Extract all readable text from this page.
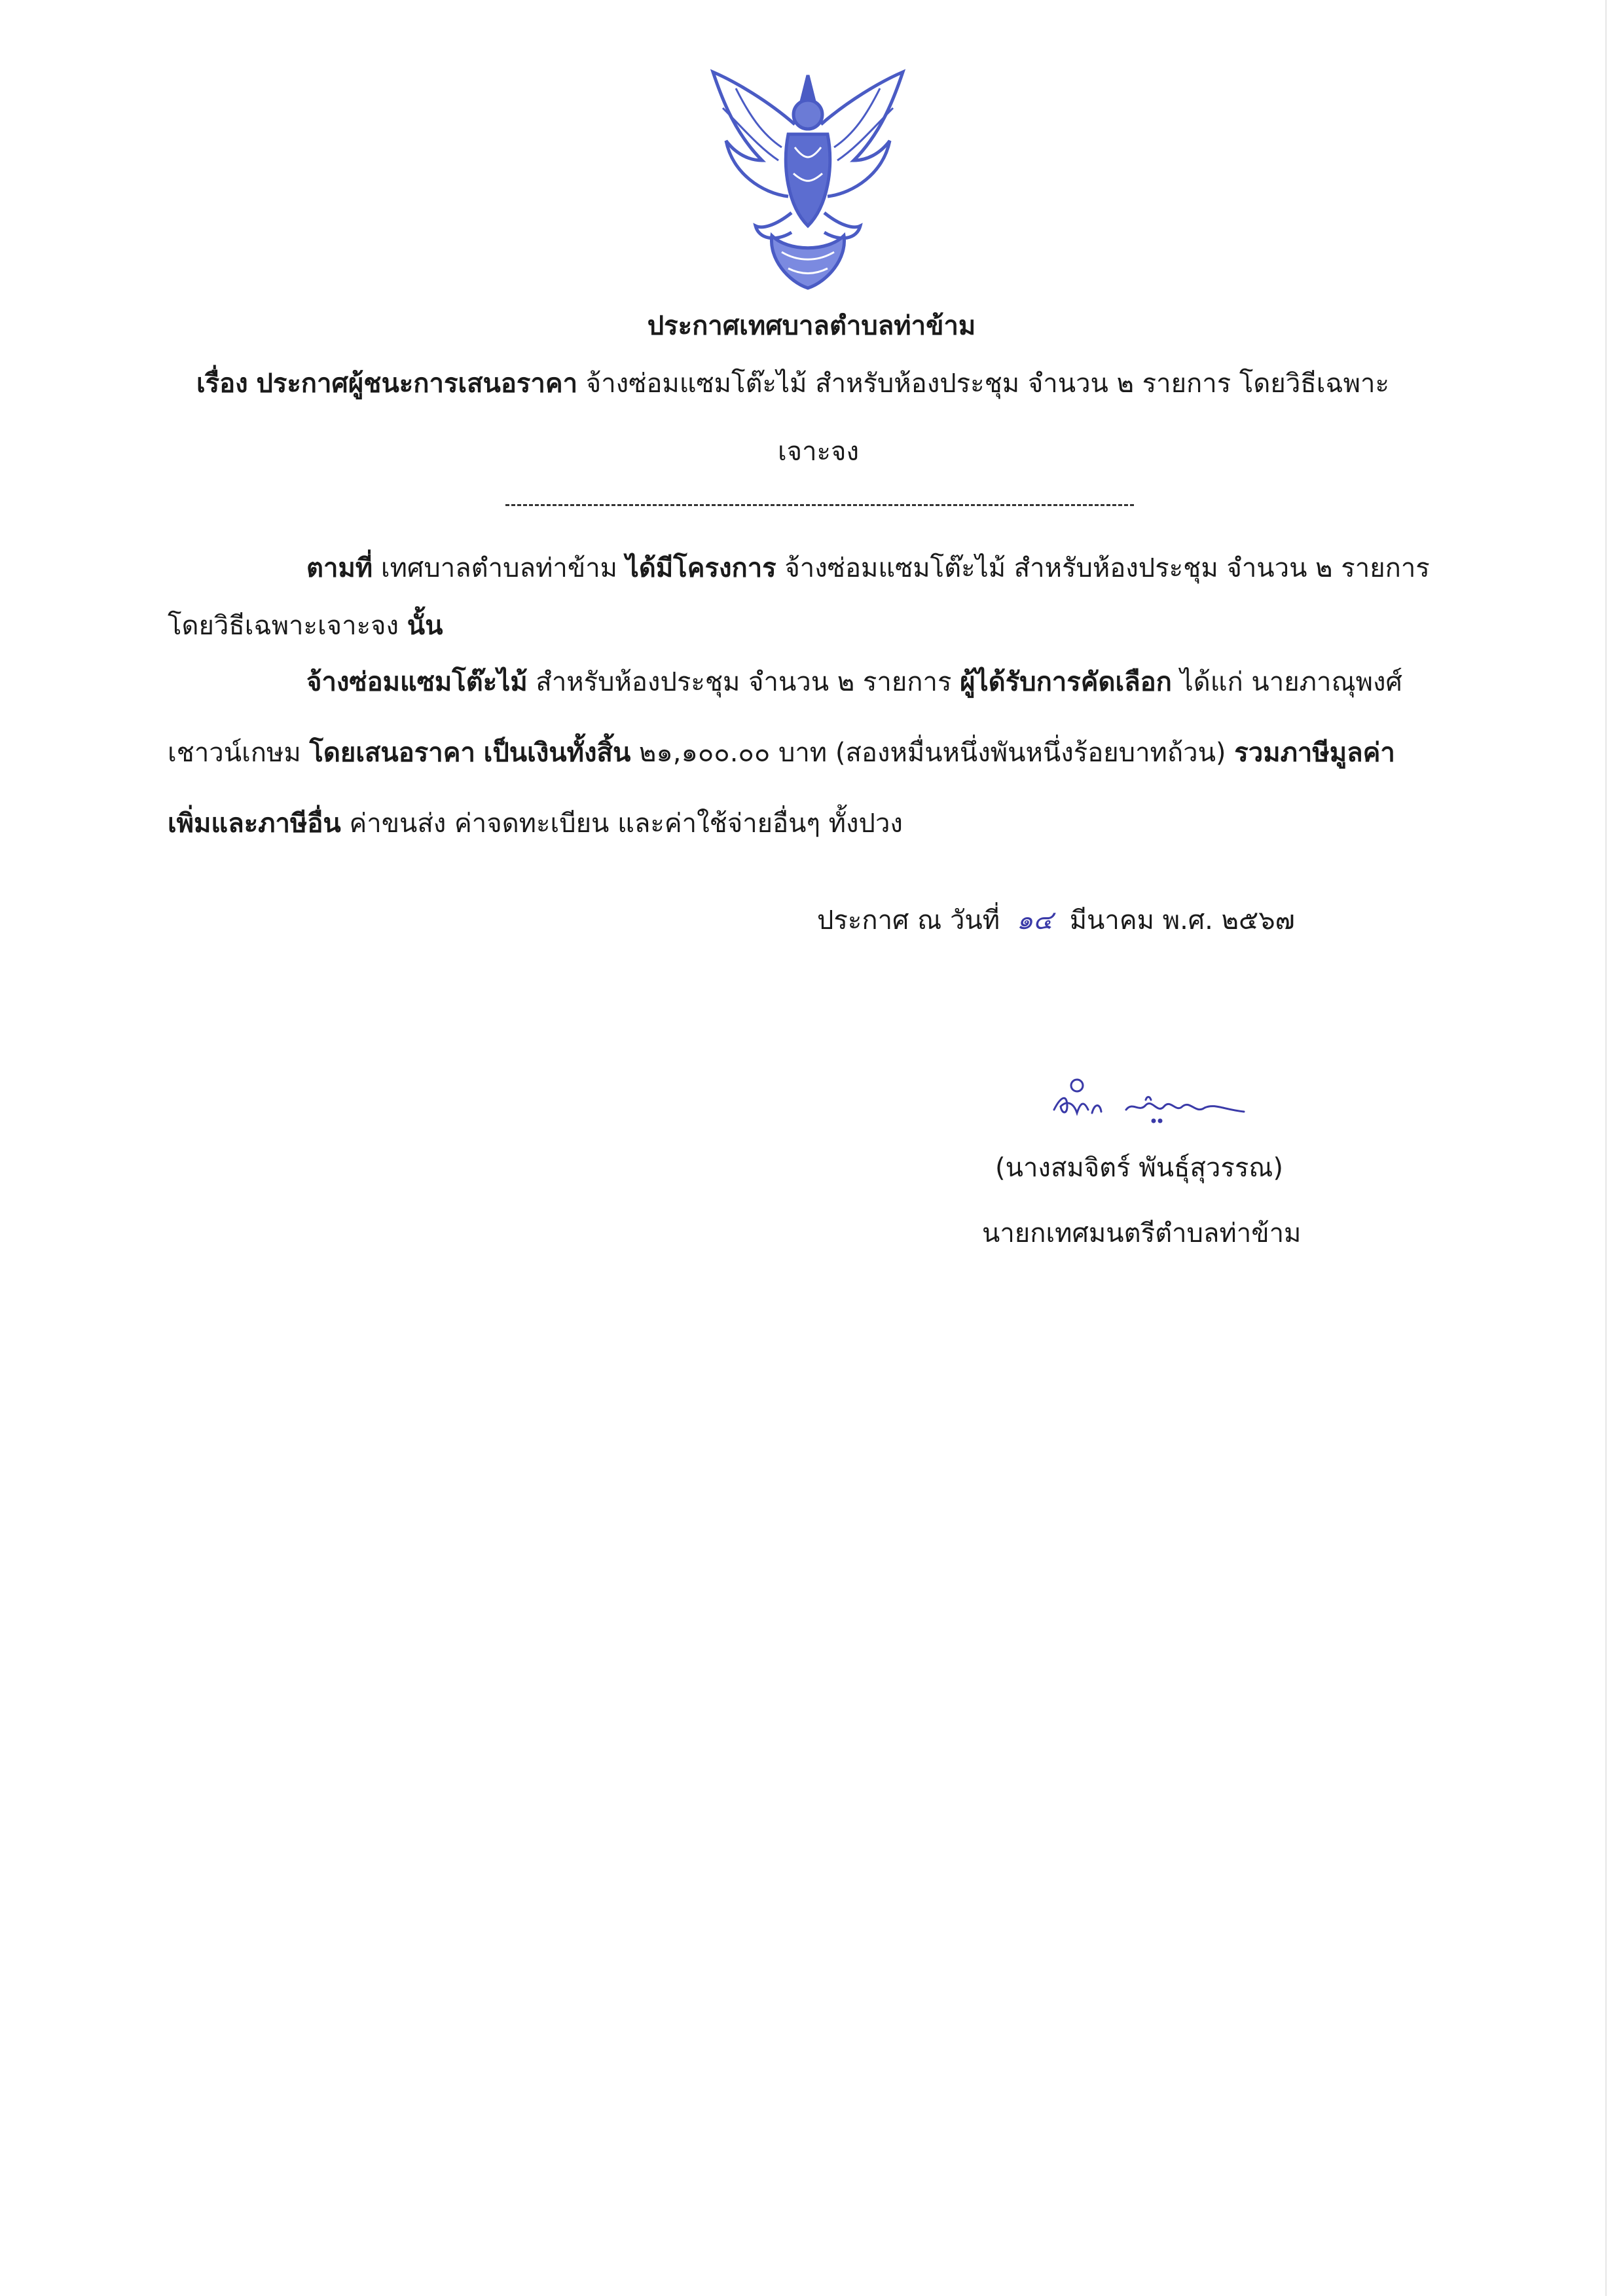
ประกาศเทศบาลตำบลท่าข้าม
เรื่อง ประกาศผู้ชนะการเสนอราคา จ้างซ่อมแซมโต๊ะไม้ สำหรับห้องประชุม จำนวน ๒ รายการ โดยวิธีเฉพาะ
เจาะจง
ตามที่ เทศบาลตำบลท่าข้าม ได้มีโครงการ จ้างซ่อมแซมโต๊ะไม้ สำหรับห้องประชุม จำนวน ๒ รายการ
โดยวิธีเฉพาะเจาะจง นั้น
จ้างซ่อมแซมโต๊ะไม้ สำหรับห้องประชุม จำนวน ๒ รายการ ผู้ได้รับการคัดเลือก ได้แก่ นายภาณุพงศ์
เชาวน์เกษม โดยเสนอราคา เป็นเงินทั้งสิ้น ๒๑,๑๐๐.๐๐ บาท (สองหมื่นหนึ่งพันหนึ่งร้อยบาทถ้วน) รวมภาษีมูลค่า
เพิ่มและภาษีอื่น ค่าขนส่ง ค่าจดทะเบียน และค่าใช้จ่ายอื่นๆ ทั้งปวง
ประกาศ ณ วันที่ ๑๔ มีนาคม พ.ศ. ๒๕๖๗
(นางสมจิตร์ พันธุ์สุวรรณ)
นายกเทศมนตรีตำบลท่าข้าม
